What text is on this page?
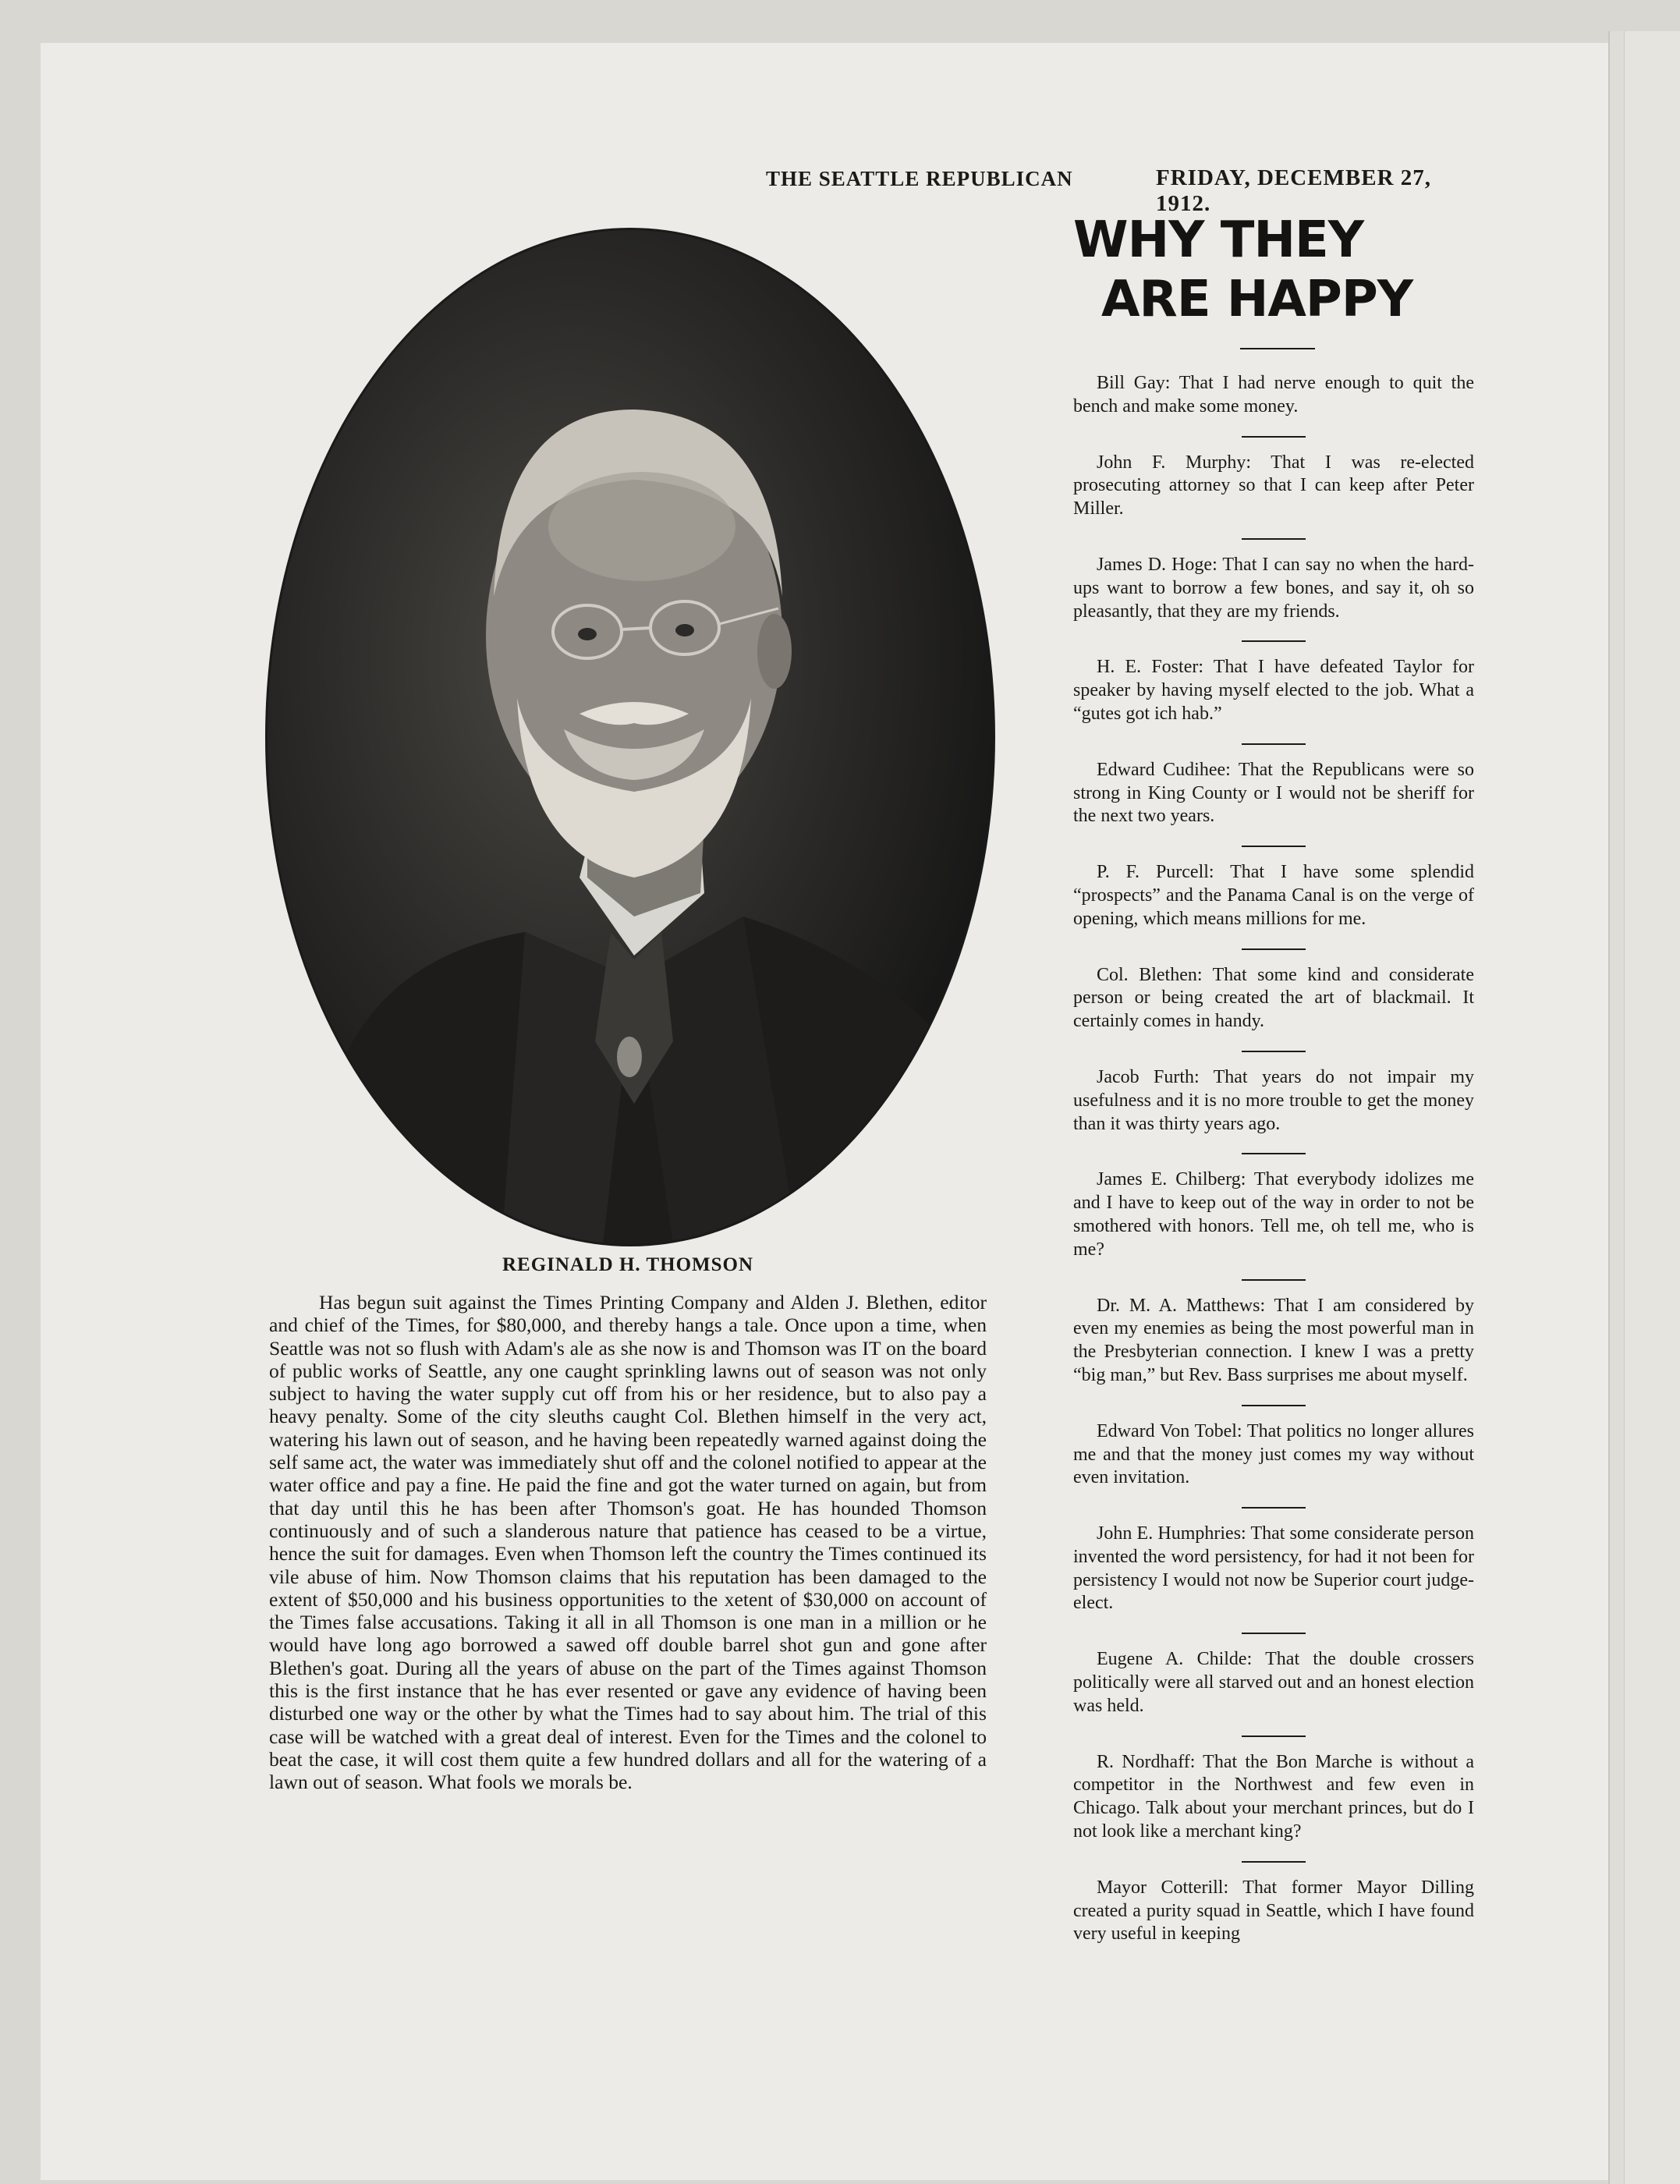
THE SEATTLE REPUBLICAN	FRIDAY, DECEMBER 27, 1912.
WHY THEY
ARE HAPPY
REGINALD H. THOMSON

Has begun suit against the Times Printing Company and Alden J. Blethen, editor and chief of the Times, for $80,000, and thereby hangs a tale. Once upon a time, when Seattle was not so flush with Adam's ale as she now is and Thomson was IT on the board of public works of Seattle, any one caught sprinkling lawns out of season was not only subject to having the water supply cut off from his or her residence, but to also pay a heavy penalty. Some of the city sleuths caught Col. Blethen himself in the very act, watering his lawn out of season, and he having been repeatedly warned against doing the self same act, the water was immediately shut off and the colonel notified to appear at the water office and pay a fine. He paid the fine and got the water turned on again, but from that day until this he has been after Thomson's goat. He has hounded Thomson continuously and of such a slanderous nature that patience has ceased to be a virtue, hence the suit for damages. Even when Thomson left the country the Times continued its vile abuse of him. Now Thomson claims that his reputation has been damaged to the extent of $50,000 and his business opportunities to the xetent of $30,000 on account of the Times false accusations. Taking it all in all Thomson is one man in a million or he would have long ago borrowed a sawed off double barrel shot gun and gone after Blethen's goat. During all the years of abuse on the part of the Times against Thomson this is the first instance that he has ever resented or gave any evidence of having been disturbed one way or the other by what the Times had to say about him. The trial of this case will be watched with a great deal of interest. Even for the Times and the colonel to beat the case, it will cost them quite a few hundred dollars and all for the watering of a lawn out of season. What fools we morals be.

Bill Gay: That I had nerve enough to quit the bench and make some money.

John F. Murphy: That I was re-elected prosecuting attorney so that I can keep after Peter Miller.

James D. Hoge: That I can say no when the hard-ups want to borrow a few bones, and say it, oh so pleasantly, that they are my friends.

H. E. Foster: That I have defeated Taylor for speaker by having myself elected to the job. What a “gutes got ich hab.”

Edward Cudihee: That the Republicans were so strong in King County or I would not be sheriff for the next two years.

P. F. Purcell: That I have some splendid “prospects” and the Panama Canal is on the verge of opening, which means millions for me.

Col. Blethen: That some kind and considerate person or being created the art of blackmail. It certainly comes in handy.

Jacob Furth: That years do not impair my usefulness and it is no more trouble to get the money than it was thirty years ago.

James E. Chilberg: That everybody idolizes me and I have to keep out of the way in order to not be smothered with honors. Tell me, oh tell me, who is me?

Dr. M. A. Matthews: That I am considered by even my enemies as being the most powerful man in the Presbyterian connection. I knew I was a pretty “big man,” but Rev. Bass surprises me about myself.

Edward Von Tobel: That politics no longer allures me and that the money just comes my way without even invitation.

John E. Humphries: That some considerate person invented the word persistency, for had it not been for persistency I would not now be Superior court judge-elect.

Eugene A. Childe: That the double crossers politically were all starved out and an honest election was held.

R. Nordhaff: That the Bon Marche is without a competitor in the Northwest and few even in Chicago. Talk about your merchant princes, but do I not look like a merchant king?

Mayor Cotterill: That former Mayor Dilling created a purity squad in Seattle, which I have found very useful in keeping
